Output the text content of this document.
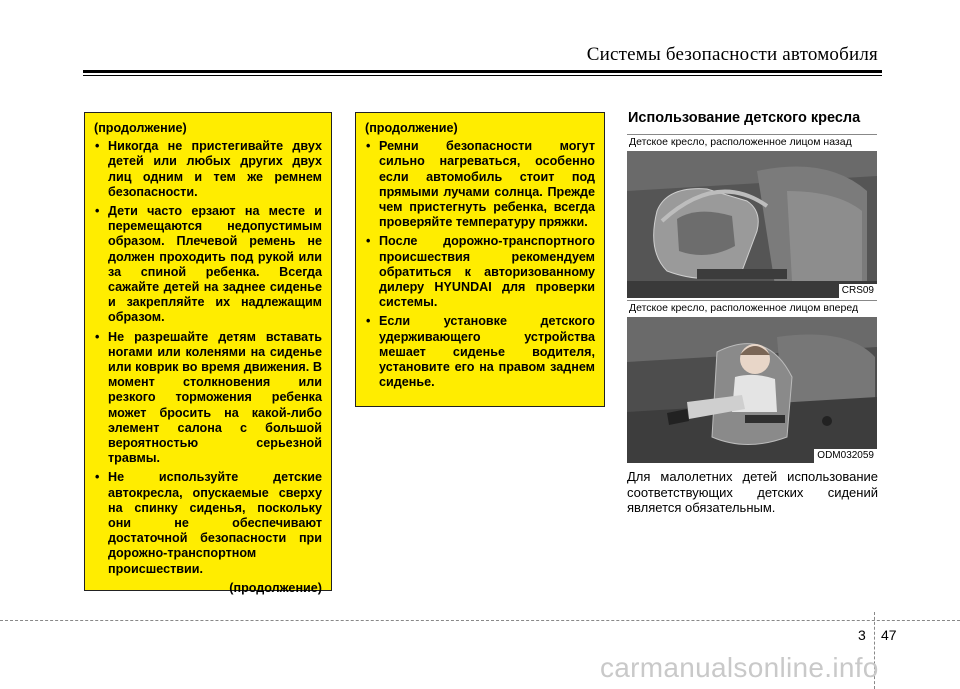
Системы безопасности автомобиля
(продолжение)
• Никогда не пристегивайте двух детей или любых других двух лиц одним и тем же ремнем безопасности.
• Дети часто ерзают на месте и перемещаются недопустимым образом. Плечевой ремень не должен проходить под рукой или за спиной ребенка. Всегда сажайте детей на заднее сиденье и закрепляйте их надлежащим образом.
• Не разрешайте детям вставать ногами или коленями на сиденье или коврик во время движения. В момент столкновения или резкого торможения ребенка может бросить на какой-либо элемент салона с большой вероятностью серьезной травмы.
• Не используйте детские автокресла, опускаемые сверху на спинку сиденья, поскольку они не обеспечивают достаточной безопасности при дорожно-транспортном происшествии.
(продолжение)
(продолжение)
• Ремни безопасности могут сильно нагреваться, особенно если автомобиль стоит под прямыми лучами солнца. Прежде чем пристегнуть ребенка, всегда проверяйте температуру пряжки.
• После дорожно-транспортного происшествия рекомендуем обратиться к авторизованному дилеру HYUNDAI для проверки системы.
• Если установке детского удерживающего устройства мешает сиденье водителя, установите его на правом заднем сиденье.
Использование детского кресла
Детское кресло, расположенное лицом назад
CRS09
Детское кресло, расположенное лицом вперед
ODM032059
Для малолетних детей использование соответствующих детских сидений является обязательным.
3 47
carmanualsonline.info
